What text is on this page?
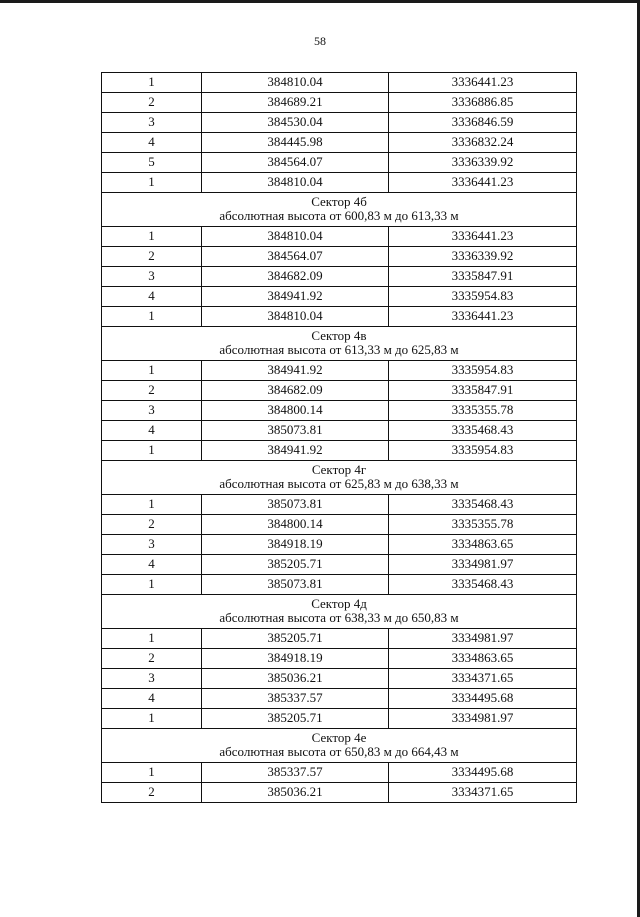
58
1	384810.04	3336441.23
2	384689.21	3336886.85
3	384530.04	3336846.59
4	384445.98	3336832.24
5	384564.07	3336339.92
1	384810.04	3336441.23

Сектор 4б
абсолютная высота от 600,83 м до 613,33 м		

1	384810.04	3336441.23
2	384564.07	3336339.92
3	384682.09	3335847.91
4	384941.92	3335954.83
1	384810.04	3336441.23

Сектор 4в
абсолютная высота от 613,33 м до 625,83 м		

1	384941.92	3335954.83
2	384682.09	3335847.91
3	384800.14	3335355.78
4	385073.81	3335468.43
1	384941.92	3335954.83

Сектор 4г
абсолютная высота от 625,83 м до 638,33 м		

1	385073.81	3335468.43
2	384800.14	3335355.78
3	384918.19	3334863.65
4	385205.71	3334981.97
1	385073.81	3335468.43

Сектор 4д
абсолютная высота от 638,33 м до 650,83 м		

1	385205.71	3334981.97
2	384918.19	3334863.65
3	385036.21	3334371.65
4	385337.57	3334495.68
1	385205.71	3334981.97

Сектор 4е
абсолютная высота от 650,83 м до 664,43 м		

1	385337.57	3334495.68
2	385036.21	3334371.65
